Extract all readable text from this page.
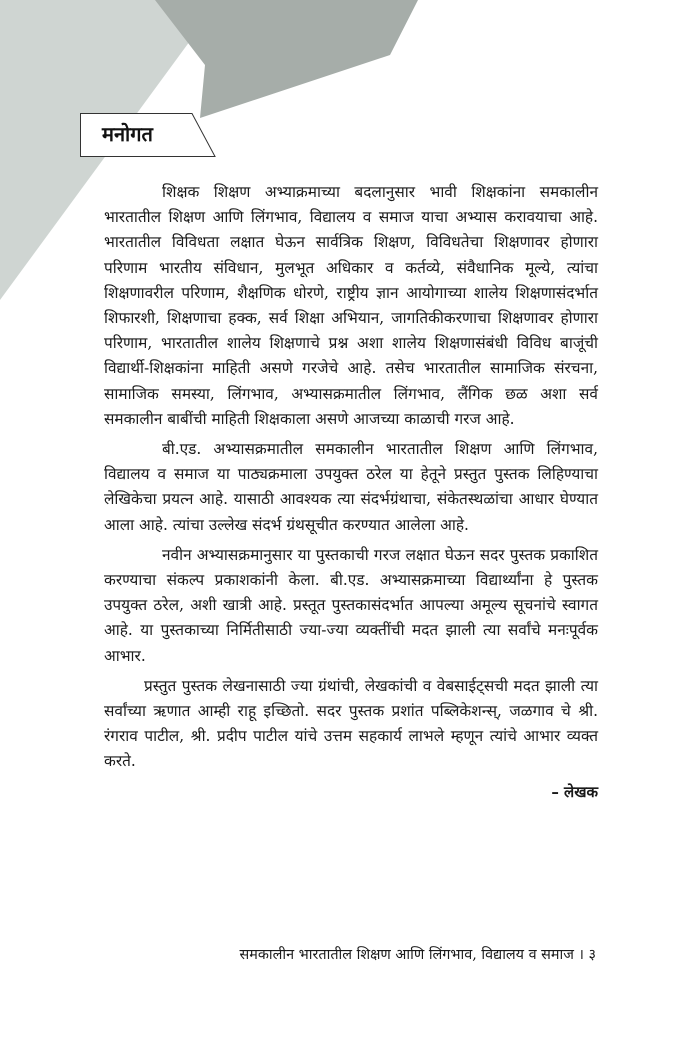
मनोगत

शिक्षक शिक्षण अभ्याक्रमाच्या बदलानुसार भावी शिक्षकांना समकालीन भारतातील शिक्षण आणि लिंगभाव, विद्यालय व समाज याचा अभ्यास करावयाचा आहे. भारतातील विविधता लक्षात घेऊन सार्वत्रिक शिक्षण, विविधतेचा शिक्षणावर होणारा परिणाम भारतीय संविधान, मुलभूत अधिकार व कर्तव्ये, संवैधानिक मूल्ये, त्यांचा शिक्षणावरील परिणाम, शैक्षणिक धोरणे, राष्ट्रीय ज्ञान आयोगाच्या शालेय शिक्षणासंदर्भात शिफारशी, शिक्षणाचा हक्क, सर्व शिक्षा अभियान, जागतिकीकरणाचा शिक्षणावर होणारा परिणाम, भारतातील शालेय शिक्षणाचे प्रश्न अशा शालेय शिक्षणासंबंधी विविध बाजूंची विद्यार्थी-शिक्षकांना माहिती असणे गरजेचे आहे. तसेच भारतातील सामाजिक संरचना, सामाजिक समस्या, लिंगभाव, अभ्यासक्रमातील लिंगभाव, लैंगिक छळ अशा सर्व समकालीन बाबींची माहिती शिक्षकाला असणे आजच्या काळाची गरज आहे.

बी.एड. अभ्यासक्रमातील समकालीन भारतातील शिक्षण आणि लिंगभाव, विद्यालय व समाज या पाठ्यक्रमाला उपयुक्त ठरेल या हेतूने प्रस्तुत पुस्तक लिहिण्याचा लेखिकेचा प्रयत्न आहे. यासाठी आवश्यक त्या संदर्भग्रंथाचा, संकेतस्थळांचा आधार घेण्यात आला आहे. त्यांचा उल्लेख संदर्भ ग्रंथसूचीत करण्यात आलेला आहे.

नवीन अभ्यासक्रमानुसार या पुस्तकाची गरज लक्षात घेऊन सदर पुस्तक प्रकाशित करण्याचा संकल्प प्रकाशकांनी केला. बी.एड. अभ्यासक्रमाच्या विद्यार्थ्यांना हे पुस्तक उपयुक्त ठरेल, अशी खात्री आहे. प्रस्तूत पुस्तकासंदर्भात आपल्या अमूल्य सूचनांचे स्वागत आहे. या पुस्तकाच्या निर्मितीसाठी ज्या-ज्या व्यक्तींची मदत झाली त्या सर्वांचे मनःपूर्वक आभार.

प्रस्तुत पुस्तक लेखनासाठी ज्या ग्रंथांची, लेखकांची व वेबसाईट्सची मदत झाली त्या सर्वांच्या ऋणात आम्ही राहू इच्छितो. सदर पुस्तक प्रशांत पब्लिकेशन्स्, जळगाव चे श्री. रंगराव पाटील, श्री. प्रदीप पाटील यांचे उत्तम सहकार्य लाभले म्हणून त्यांचे आभार व्यक्त करते.

– लेखक
समकालीन भारतातील शिक्षण आणि लिंगभाव, विद्यालय व समाज । ३
